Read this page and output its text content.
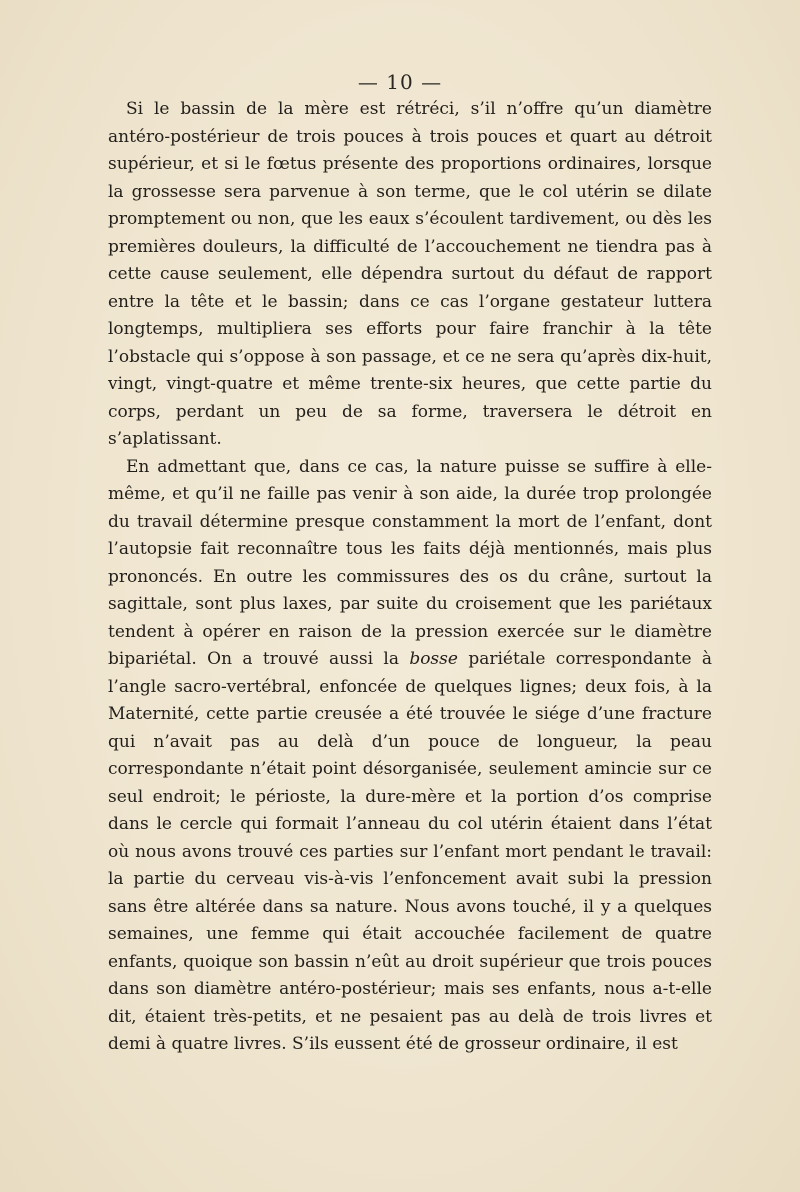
— 10 —

Si le bassin de la mère est rétréci, s’il n’offre qu’un diamètre antéro-postérieur de trois pouces à trois pouces et quart au détroit supérieur, et si le fœtus présente des proportions ordinaires, lorsque la grossesse sera parvenue à son terme, que le col utérin se dilate promptement ou non, que les eaux s’écoulent tardivement, ou dès les premières douleurs, la difficulté de l’accouchement ne tiendra pas à cette cause seulement, elle dépendra surtout du défaut de rapport entre la tête et le bassin; dans ce cas l’organe gestateur luttera longtemps, multipliera ses efforts pour faire franchir à la tête l’obstacle qui s’oppose à son passage, et ce ne sera qu’après dix-huit, vingt, vingt-quatre et même trente-six heures, que cette partie du corps, perdant un peu de sa forme, traversera le détroit en s’aplatissant.

En admettant que, dans ce cas, la nature puisse se suffire à elle-même, et qu’il ne faille pas venir à son aide, la durée trop prolongée du travail détermine presque constamment la mort de l’enfant, dont l’autopsie fait reconnaître tous les faits déjà mentionnés, mais plus prononcés. En outre les commissures des os du crâne, surtout la sagittale, sont plus laxes, par suite du croisement que les pariétaux tendent à opérer en raison de la pression exercée sur le diamètre bipariétal. On a trouvé aussi la bosse pariétale correspondante à l’angle sacro-vertébral, enfoncée de quelques lignes; deux fois, à la Maternité, cette partie creusée a été trouvée le siége d’une fracture qui n’avait pas au delà d’un pouce de longueur, la peau correspondante n’était point désorganisée, seulement amincie sur ce seul endroit; le périoste, la dure-mère et la portion d’os comprise dans le cercle qui formait l’anneau du col utérin étaient dans l’état où nous avons trouvé ces parties sur l’enfant mort pendant le travail: la partie du cerveau vis-à-vis l’enfoncement avait subi la pression sans être altérée dans sa nature. Nous avons touché, il y a quelques semaines, une femme qui était accouchée facilement de quatre enfants, quoique son bassin n’eût au droit supérieur que trois pouces dans son diamètre antéro-postérieur; mais ses enfants, nous a-t-elle dit, étaient très-petits, et ne pesaient pas au delà de trois livres et demi à quatre livres. S’ils eussent été de grosseur ordinaire, il est
